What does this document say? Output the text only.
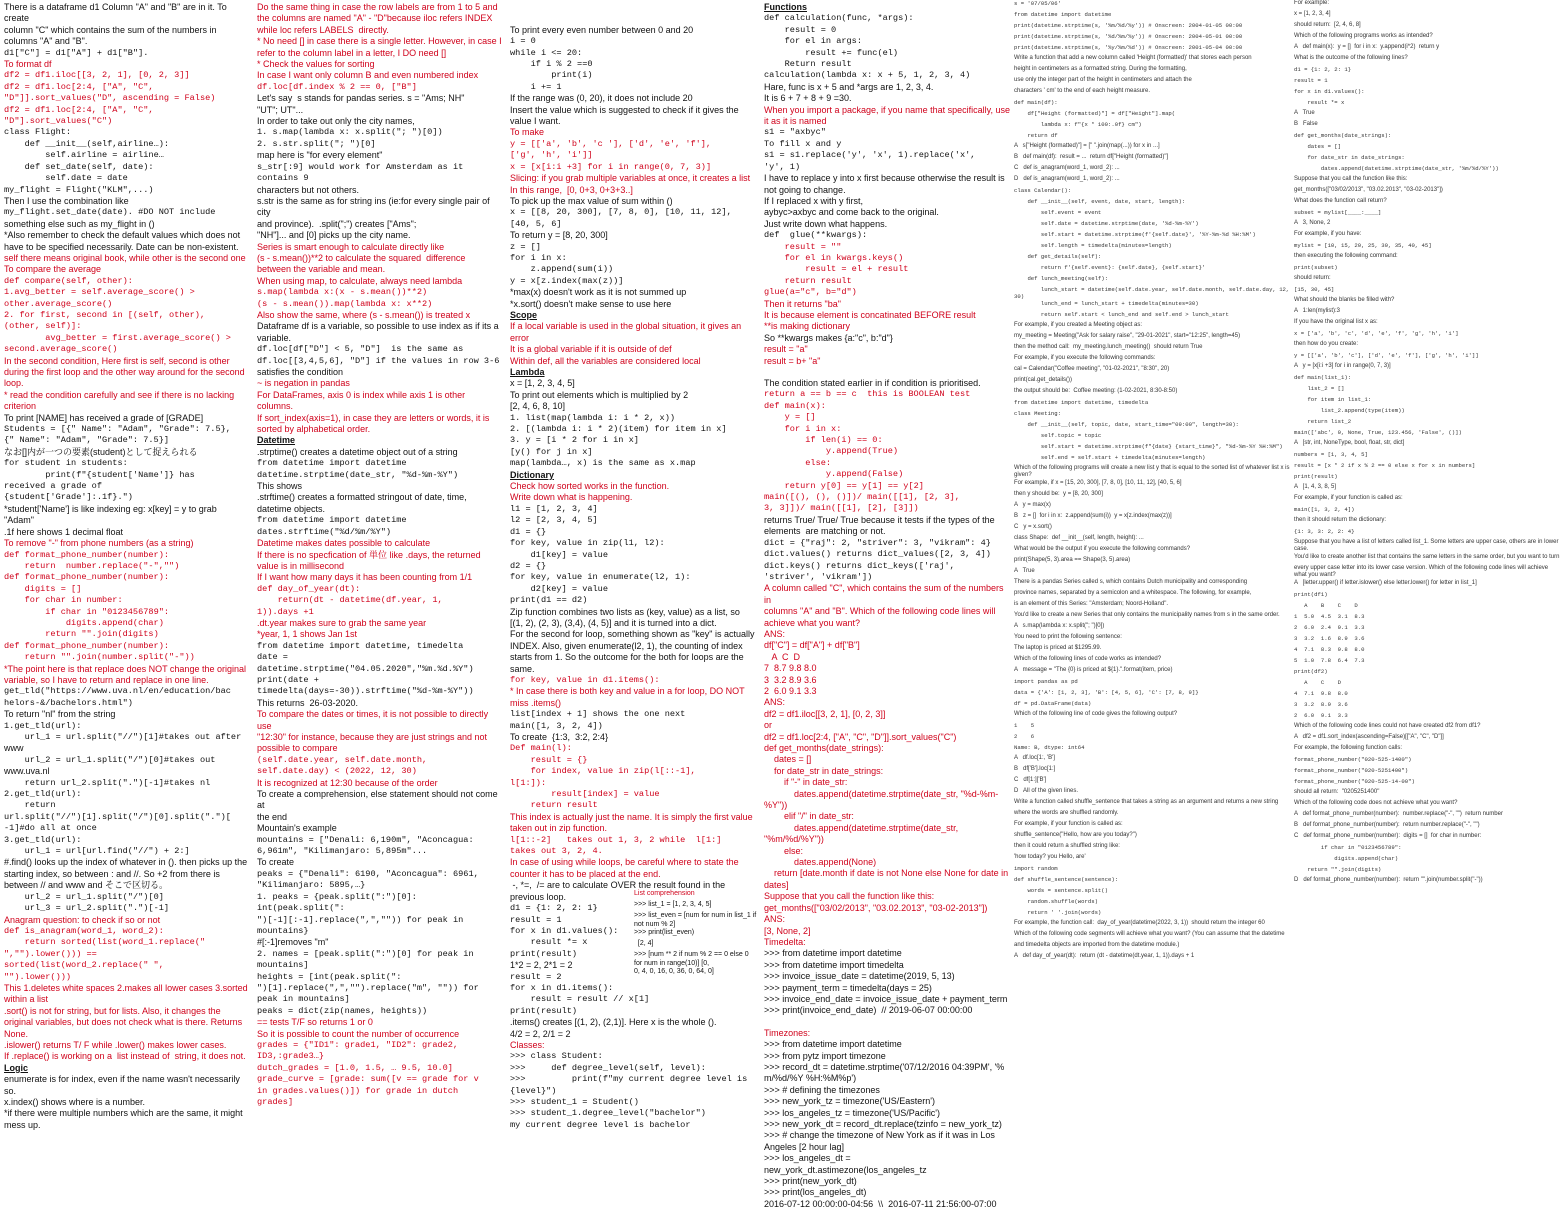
There is a dataframe d1 Column "A" and "B" are in it. To create
column "C" which contains the sum of the numbers in
columns "A" and "B".
d1["C"] = d1["A"] + d1["B"].
To format df
df2 = df1.iloc[[3, 2, 1], [0, 2, 3]]
df2 = df1.loc[2:4, ["A", "C",
"D"]].sort_values("D", ascending = False)
df2 = df1.loc[2:4, ["A", "C",
"D"].sort_values("C")
class Flight:
def __init__(self,airline…):
self.airline = airline…
def set_date(self, date):
self.date = date
my_flight = Flight("KLM",...)
Then I use the combination like
my_flight.set_date(date). #DO NOT include
something else such as my_flight in ()
*Also remember to check the default values which does not
have to be specified necessarily. Date can be non-existent.
self there means original book, while other is the second one
To compare the average
def compare(self, other):
1.avg_better = self.average_score() >
other.average_score()
2. for first, second in [(self, other),
(other, self)]:
avg_better = first.average_score() >
second.average_score()
In the second condition, Here first is self, second is other
during the first loop and the other way around for the second
loop.
* read the condition carefully and see if there is no lacking
criterion
To print [NAME] has received a grade of [GRADE]
Students = [{" Name": "Adam", "Grade": 7.5},
{" Name": "Adam", "Grade": 7.5}]
なお[]内が一つの要素(student)として捉えられる
for student in students:
print(f"{student['Name']} has
received a grade of
{student['Grade']:.1f}.")
*student['Name'] is like indexing eg: x[key] = y to grab "Adam"
.1f here shows 1 decimal float
To remove "-" from phone numbers (as a string)
def format_phone_number(number):
return  number.replace("-","")
def format_phone_number(number):
digits = []
for char in number:
if char in "0123456789":
digits.append(char)
return "".join(digits)
def format_phone_number(number):
return "".join(number.split("-"))
*The point here is that replace does NOT change the original
variable, so I have to return and replace in one line.
get_tld("https://www.uva.nl/en/education/bac
helors-&/bachelors.html")
To return "nl" from the string
1.get_tld(url):
url_1 = url.split("//")[1]#takes out after
www
url_2 = url_1.split("/")[0]#takes out
www.uva.nl
return url_2.split(".")[-1]#takes nl
2.get_tld(url):
return
url.split("//")[1].split("/")[0].split(".")[
-1]#do all at once
3.get_tld(url):
url_1 = url[url.find("//") + 2:]
#.find() looks up the index of whatever in (). then picks up the
starting index, so between : and //. So +2 from there is
between // and www and そこで区切る。
url_2 = url_1.split("/")[0]
url_3 = url_2.split(".")[-1]
Anagram question: to check if so or not
def is_anagram(word_1, word_2):
return sorted(list(word_1.replace("
","").lower())) ==
sorted(list(word_2.replace(" ",
"").lower()))
This 1.deletes white spaces 2.makes all lower cases 3.sorted
within a list
.sort() is not for string, but for lists. Also, it changes the
original variables, but does not check what is there. Returns
None.
.islower() returns T/ F while .lower() makes lower cases.
If .replace() is working on a  list instead of  string, it does not.
Logic
enumerate is for index, even if the name wasn't necessarily so.
x.index() shows where is a number.
*if there were multiple numbers which are the same, it might
mess up.
Do the same thing in case the row labels are from 1 to 5 and
the columns are named "A" - "D"because iloc refers INDEX
while loc refers LABELS  directly.
* No need [] in case there is a single letter. However, in case I
refer to the column label in a letter, I DO need []
* Check the values for sorting
In case I want only column B and even numbered index
df.loc[df.index % 2 == 0, ["B"]
Let's say  s stands for pandas series. s = "Ams; NH"
"UT"; UT"...
In order to take out only the city names,
1. s.map(lambda x: x.split("; ")[0])
2. s.str.split("; ")[0]
map here is "for every element"
s_str[:9] would work for Amsterdam as it contains 9
characters but not others.
s.str is the same as for string ins (ie:for every single pair of city
and province).  .split(";") creates ["Ams";
"NH"]... and [0] picks up the city name.
Series is smart enough to calculate directly like
(s - s.mean())**2 to calculate the squared  difference
between the variable and mean.
When using map, to calculate, always need lambda
s.map(lambda x:(x - s.mean())**2)
(s - s.mean()).map(lambda x: x**2)
Also show the same, where (s - s.mean()) is treated x
Dataframe df is a variable, so possible to use index as if its a
variable.
df.loc[df["D"] < 5, "D"]  is the same as
df.loc[[3,4,5,6], "D"] if the values in row 3-6
satisfies the condition
~ is negation in pandas
For DataFrames, axis 0 is index while axis 1 is other columns.
If sort_index(axis=1), in case they are letters or words, it is
sorted by alphabetical order.
Datetime
.strptime() creates a datetime object out of a string
from datetime import datetime
datetime.strptime(date_str, "%d-%m-%Y")
This shows
.strftime() creates a formatted stringout of date, time,
datetime objects.
from datetime import datetime
dates.strftime("%d/%m/%Y")
Datetime makes dates possible to calculate
If there is no specfication of 単位 like .days, the returned
value is in millisecond
If I want how many days it has been counting from 1/1
def day_of_year(dt):
return(dt - datetime(df.year, 1,
1)).days +1
.dt.year makes sure to grab the same year
*year, 1, 1 shows Jan 1st
from datetime import datetime, timedelta
date = datetime.strptime("04.05.2020","%m.%d.%Y")
print(date +
timedelta(days=-30)).strftime("%d-%m-%Y"))
This returns  26-03-2020.
To compare the dates or times, it is not possible to directly use
"12:30" for instance, because they are just strings and not
possible to compare
(self.date.year, self.date.month,
self.date.day) < (2022, 12, 30)
It is recognized at 12:30 because of the order
To create a comprehension, else statement should not come at
the end
Mountain's example
mountains = ["Denali: 6,190m", "Aconcagua:
6,961m", "Kilimanjaro: 5,895m"...
To create
peaks = {"Denali": 6190, "Aconcagua": 6961,
"Kilimanjaro: 5895,…}
1. peaks = {peak.split(":")[0]:
int(peak.split(":
")[-1][:-1].replace(",","")) for peak in
mountains}
#[:-1]removes "m"
2. names = [peak.split(":")[0] for peak in
mountains]
heights = [int(peak.split(":
")[1].replace(",","").replace("m", "")) for
peak in mountains]
peaks = dict(zip(names, heights))
== tests T/F so returns 1 or 0
So it is possible to count the number of occurrence
grades = {"ID1": grade1, "ID2": grade2,
ID3,:grade3…}
dutch_grades = [1.0, 1.5, … 9.5, 10.0]
grade_curve = [grade: sum([v == grade for v
in grades.values()]) for grade in dutch
grades]

To print every even number between 0 and 20
i = 0
while i <= 20:
if i % 2 ==0
print(i)
i += 1
If the range was (0, 20), it does not include 20
Insert the value which is suggested to check if it gives the
value I want.
To make
y = [['a', 'b', 'c '], ['d', 'e', 'f'],
['g', 'h', 'i']]
x = [x[i:i +3] for i in range(0, 7, 3)]
Slicing: if you grab multiple variables at once, it creates a list
In this range,  [0, 0+3, 0+3+3..]
To pick up the max value of sum within ()
x = [[8, 20, 300], [7, 8, 0], [10, 11, 12],
[40, 5, 6]
To return y = [8, 20, 300]
z = []
for i in x:
z.append(sum(i))
y = x[z.index(max(z))]
*max(x) doesn't work as it is not summed up
*x.sort() doesn't make sense to use here
Scope
If a local variable is used in the global situation, it gives an
error
It is a global variable if it is outside of def
Within def, all the variables are considered local
Lambda
x = [1, 2, 3, 4, 5]
To print out elements which is multiplied by 2
[2, 4, 6, 8, 10]
1. list(map(lambda i: i * 2, x))
2. [(lambda i: i * 2)(item) for item in x]
3. y = [i * 2 for i in x]
[y() for j in x]
map(lambda…, x) is the same as x.map
Dictionary
Check how sorted works in the function.
Write down what is happening.
l1 = [1, 2, 3, 4]
l2 = [2, 3, 4, 5]
d1 = {}
for key, value in zip(l1, l2):
d1[key] = value
d2 = {}
for key, value in enumerate(l2, 1):
d2[key] = value
print(d1 == d2)
Zip function combines two lists as (key, value) as a list, so
[(1, 2), (2, 3), (3,4), (4, 5)] and it is turned into a dict.
For the second for loop, something shown as "key" is actually
INDEX. Also, given enumerate(l2, 1), the counting of index
starts from 1. So the outcome for the both for loops are the
same.
for key, value in d1.items():
* In case there is both key and value in a for loop, DO NOT
miss .items()
list[index + 1] shows the one next
main([1, 3, 2, 4])
To create  {1:3,  3:2, 2:4}
Def main(l):
result = {}
for index, value in zip(l[::-1],
l[1:]):
result[index] = value
return result
This index is actually just the name. It is simply the first value
taken out in zip function.
l[1::-2]   takes out 1, 3, 2 while  l[1:]  takes out 3, 2, 4.
In case of using while loops, be careful where to state the
counter it has to be placed at the end.
-, *=,  /= are to calculate OVER the result found in the
previous loop.
d1 = {1: 2, 2: 1}
result = 1
for x in d1.values():
result *= x
print(result)
1*2 = 2, 2*1 = 2
result = 2
for x in d1.items():
result = result // x[1]
print(result)
.items() creates [(1, 2), (2,1)]. Here x is the whole ().
4/2 = 2, 2/1 = 2
Classes:
>>> class Student:
>>>     def degree_level(self, level):
>>>         print(f"my current degree level is {level}")
>>> student_1 = Student()
>>> student_1.degree_level("bachelor")
my current degree level is bachelor

List comprehension
>>> list_1 = [1, 2, 3, 4, 5]
>>> list_even = [num for num in list_1 if not num % 2]
>>> print(list_even)
[2, 4]
>>> [num ** 2 if num % 2 == 0 else 0 for num in range(10)] [0,
0, 4, 0, 16, 0, 36, 0, 64, 0]
Functions
def calculation(func, *args):
result = 0
for el in args:
result += func(el)
Return result
calculation(lambda x: x + 5, 1, 2, 3, 4)
Hare, func is x + 5 and *args are 1, 2, 3, 4.
It is 6 + 7 + 8 + 9 =30.
When you import a package, if you name that specifically, use
it as it is named
s1 = "axbyc"
To fill x and y
s1 = s1.replace('y', 'x', 1).replace('x',
'y', 1)
I have to replace y into x first because otherwise the result is
not going to change.
If I replaced x with y first,
aybyc>axbyc and come back to the original.
Just write down what happens.
def  glue(**kwargs):
result = ""
for el in kwargs.keys()
result = el + result
return result
glue(a="c", b="d")
Then it returns "ba"
It is because element is concatinated BEFORE result
**is making dictionary
So **kwargs makes {a:"c", b:"d"}
result = "a"
result = b+ "a"
The condition stated earlier in if condition is prioritised.
return a == b == c  this is BOOLEAN test
def main(x):
y = []
for i in x:
if len(i) == 0:
y.append(True)
else:
y.append(False)
return y[0] == y[1] == y[2]
main([(), (), ()])/ main([[1], [2, 3],
3, 3]])/ main([[1], [2], [3]])
returns True/ True/ True because it tests if the types of the
elements  are matching or not.
dict = {"raj": 2, "striver": 3, "vikram": 4}
dict.values() returns dict_values([2, 3, 4])
dict.keys() returns dict_keys(['raj',
'striver', 'vikram'])
A column called "C", which contains the sum of the numbers in
columns "A" and "B". Which of the following code lines will
achieve what you want?
ANS:
df["C"] = df["A"] + df["B"]
A  C  D
7  8.7 9.8 8.0
3  3.2 8.9 3.6
2  6.0 9.1 3.3
ANS:
df2 = df1.iloc[[3, 2, 1], [0, 2, 3]]
or
df2 = df1.loc[2:4, ["A", "C", "D"]].sort_values("C")
def get_months(date_strings):
dates = []
for date_str in date_strings:
if "-" in date_str:
dates.append(datetime.strptime(date_str, "%d-%m-%Y"))
elif "/" in date_str:
dates.append(datetime.strptime(date_str, "%m/%d/%Y"))
else:
dates.append(None)
return [date.month if date is not None else None for date in
dates]
Suppose that you call the function like this:
get_months(["03/02/2013", "03.02.2013", "03-02-2013"])
ANS:
[3, None, 2]
Timedelta:
>>> from datetime import datetime
>>> from datetime import timedelta
>>> invoice_issue_date = datetime(2019, 5, 13)
>>> payment_term = timedelta(days = 25)
>>> invoice_end_date = invoice_issue_date + payment_term
>>> print(invoice_end_date)  // 2019-06-07 00:00:00
Timezones:
>>> from datetime import datetime
>>> from pytz import timezone
>>> record_dt = datetime.strptime('07/12/2016 04:39PM', '%
m/%d/%Y %H:%M%p')
>>> # defining the timezones
>>> new_york_tz = timezone('US/Eastern')
>>> los_angeles_tz = timezone('US/Pacific')
>>> new_york_dt = record_dt.replace(tzinfo = new_york_tz)
>>> # change the timezone of New York as if it was in Los
Angeles [2 hour lag]
>>> los_angeles_dt = new_york_dt.astimezone(los_angeles_tz
>>> print(new_york_dt)
>>> print(los_angeles_dt)
2016-07-12 00:00:00-04:56  \\  2016-07-11 21:56:00-07:00

s = '07/05/06'
from datetime import datetime
print(datetime.strptime(s, '%m/%d/%y')) # Onscreen: 2004-01-05 00:00
print(datetime.strptime(s, '%d/%m/%y')) # Onscreen: 2004-05-01 00:00
print(datetime.strptime(s, '%y/%m/%d')) # Onscreen: 2001-05-04 00:00
Write a function that add a new column called 'Height (formatted)' that stores each person
height in centimeters as a formatted string. During the formatting,
use only the integer part of the height in centimeters and attach the
characters ' cm' to the end of each height measure.
def main(df):
df["Height (formatted)"] = df["Height"].map(
lambda x: f"{x * 100:.0f} cm")
return df
A   s["Height (formatted)"] = [" ".join(map(...)) for x in ...]
B   def main(df):  result = ...  return df["Height (formatted)"]
C   def is_anagram(word_1, word_2): ...
D   def is_anagram(word_1, word_2): ...
class Calendar():
def __init__(self, event, date, start, length):
self.event = event
self.date = datetime.strptime(date, '%d-%m-%Y')
self.start = datetime.strptime(f'{self.date}', '%Y-%m-%d %H:%M')
self.length = timedelta(minutes=length)
def get_details(self):
return f'{self.event}: {self.date}, {self.start}'
def lunch_meeting(self):
lunch_start = datetime(self.date.year, self.date.month, self.date.day, 12, 30)
lunch_end = lunch_start + timedelta(minutes=30)
return self.start < lunch_end and self.end > lunch_start
For example, if you created a Meeting object as:
my_meeting = Meeting("Ask for salary raise", "29-01-2021", start="12:25", length=45)
then the method call:  my_meeting.lunch_meeting()  should return True
For example, if you execute the following commands:
cal = Calendar("Coffee meeting", "01-02-2021", "8:30", 20)
print(cal.get_details())
the output should be:  Coffee meeting: (1-02-2021, 8:30-8:50)
from datetime import datetime, timedelta
class Meeting:
def __init__(self, topic, date, start_time="09:00", length=30):
self.topic = topic
self.start = datetime.strptime(f"{date} {start_time}", "%d-%m-%Y %H:%M")
self.end = self.start + timedelta(minutes=length)
Which of the following programs will create a new list y that is equal to the sorted list of whatever list x is given?
For example, if x = [15, 20, 300], [7, 8, 0], [10, 11, 12], [40, 5, 6]
then y should be:  y = [8, 20, 300]
A   y = max(x)
B   z = []  for i in x:  z.append(sum(i))  y = x[z.index(max(z))]
C   y = x.sort()
class Shape:  def __init__(self, length, height): ...
What would be the output if you execute the following commands?
print(Shape(5, 3).area == Shape(3, 5).area)
A   True
There is a pandas Series called s, which contains Dutch municipality and corresponding
province names, separated by a semicolon and a whitespace. The following, for example,
is an element of this Series: "Amsterdam; Noord-Holland".
You'd like to create a new Series that only contains the municipality names from s in the same order.
A   s.map(lambda x: x.split("; ")[0])
You need to print the following sentence:
The laptop is priced at $1295.99.
Which of the following lines of code works as intended?
A   message = "The {0} is priced at ${1}.".format(item, price)
import pandas as pd
data = {'A': [1, 2, 3], 'B': [4, 5, 6], 'C': [7, 8, 9]}
df = pd.DataFrame(data)
Which of the following line of code gives the following output?
1    5
2    6
Name: B, dtype: int64
A   df.loc[1:, 'B']
B   df['B'].loc[1:]
C   df[1:]['B']
D   All of the given lines.
Write a function called shuffle_sentence that takes a string as an argument and returns a new string
where the words are shuffled randomly.
For example, if your function is called as:
shuffle_sentence("Hello, how are you today?")
then it could return a shuffled string like:
'how today? you Hello, are'
import random
def shuffle_sentence(sentence):
words = sentence.split()
random.shuffle(words)
return ' '.join(words)
For example, the function call:  day_of_year(datetime(2022, 3, 1))  should return the integer 60
Which of the following code segments will achieve what you want? (You can assume that the datetime
and timedelta objects are imported from the datetime module.)
A   def day_of_year(dt):  return (dt - datetime(dt.year, 1, 1)).days + 1

For example:
x = [1, 2, 3, 4]
should return:  [2, 4, 6, 8]
Which of the following programs works as intended?
A   def main(x):  y = []  for i in x:  y.append(i*2)  return y
What is the outcome of the following lines?
d1 = {1: 2, 2: 1}
result = 1
for x in d1.values():
result *= x
A   True
B   False
def get_months(date_strings):
dates = []
for date_str in date_strings:
dates.append(datetime.strptime(date_str, '%m/%d/%Y'))
Suppose that you call the function like this:
get_months(["03/02/2013", "03.02.2013", "03-02-2013"])
What does the function call return?
subset = mylist[____:____]
A   3, None, 2
For example, if you have:
mylist = [10, 15, 20, 25, 30, 35, 40, 45]
then executing the following command:
print(subset)
should return:
[15, 30, 45]
What should the blanks be filled with?
A   1:len(mylist):3
If you have the original list x as:
x = ['a', 'b', 'c', 'd', 'e', 'f', 'g', 'h', 'i']
then how do you create:
y = [['a', 'b', 'c'], ['d', 'e', 'f'], ['g', 'h', 'i']]
A   y = [x[i:i +3] for i in range(0, 7, 3)]
def main(list_1):
list_2 = []
for item in list_1:
list_2.append(type(item))
return list_2
main(['abc', 0, None, True, 123.456, 'False', ()])
A   [str, int, NoneType, bool, float, str, dict]
numbers = [1, 3, 4, 5]
result = [x * 2 if x % 2 == 0 else x for x in numbers]
print(result)
A   [1, 4, 3, 8, 5]
For example, if your function is called as:
main([1, 3, 2, 4])
then it should return the dictionary:
{1: 3, 3: 2, 2: 4}
Suppose that you have a list of letters called list_1. Some letters are upper case, others are in lower case.
You'd like to create another list that contains the same letters in the same order, but you want to turn
every upper case letter into its lower case version. Which of the following code lines will achieve what you want?
A   [letter.upper() if letter.islower() else letter.lower() for letter in list_1]
print(df1)
A    B    C    D
1  5.0  4.5  3.1  8.3
2  6.0  2.4  9.1  3.3
3  3.2  1.6  8.9  3.6
4  7.1  8.3  9.8  8.0
5  1.0  7.8  6.4  7.3
print(df2)
A    C    D
4  7.1  9.8  8.0
3  3.2  8.9  3.6
2  6.0  9.1  3.3
Which of the following code lines could not have created df2 from df1?
A   df2 = df1.sort_index(ascending=False)[["A", "C", "D"]]
For example, the following function calls:
format_phone_number("020-525-1400")
format_phone_number("020-5251400")
format_phone_number("020-525-14-00")
should all return:  "0205251400"
Which of the following code does not achieve what you want?
A   def format_phone_number(number):  number.replace("-", "")  return number
B   def format_phone_number(number):  return number.replace("-", "")
C   def format_phone_number(number):  digits = []  for char in number:
if char in "0123456789":
digits.append(char)
return "".join(digits)
D   def format_phone_number(number):  return "".join(number.split("-"))
